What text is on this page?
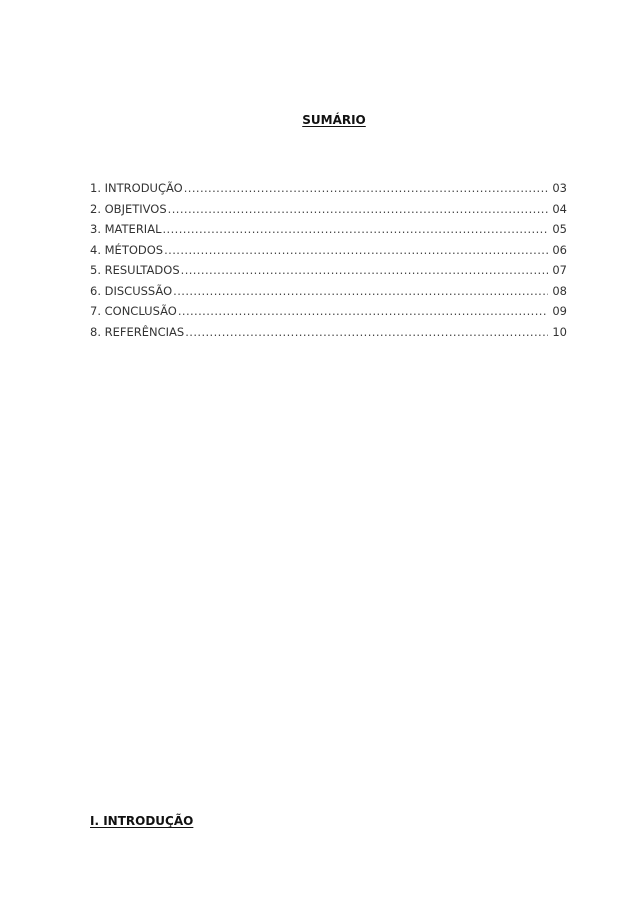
SUMÁRIO
1. INTRODUÇÃO .....	03
2. OBJETIVOS .....	04
3. MATERIAL .....	05
4. MÉTODOS .....	06
5. RESULTADOS .....	07
6. DISCUSSÃO .....	08
7. CONCLUSÃO .....	09
8. REFERÊNCIAS .....	10
I. INTRODUÇÃO
